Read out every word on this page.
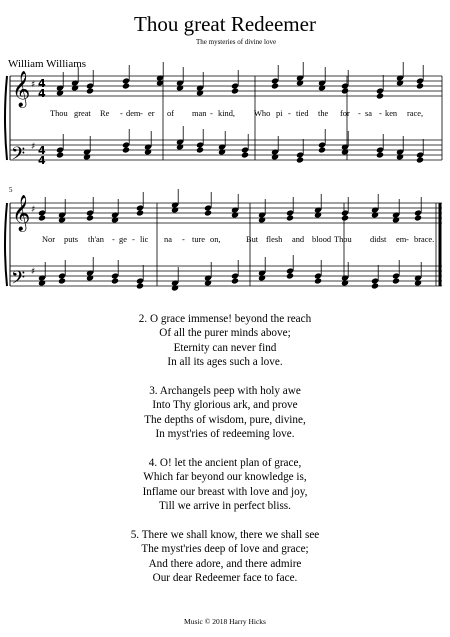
Thou great Redeemer
The mysteries of divine love
William Williams
5
𝄞
𝄢
𝄞
𝄢
4
4
4
4
♯
♯
♯
♯
Thou great Re - dem - er of man - kind, Who pi - tied the for - sa - ken race,
Nor puts th'an - ge - lic na - ture on,	But flesh and blood Thou didst em - brace.
2. O grace immense! beyond the reach
Of all the purer minds above;
Eternity can never find
In all its ages such a love.
3. Archangels peep with holy awe
Into Thy glorious ark, and prove
The depths of wisdom, pure, divine,
In myst'ries of redeeming love.
4. O! let the ancient plan of grace,
Which far beyond our knowledge is,
Inflame our breast with love and joy,
Till we arrive in perfect bliss.
5. There we shall know, there we shall see
The myst'ries deep of love and grace;
And there adore, and there admire
Our dear Redeemer face to face.
Music © 2018 Harry Hicks
